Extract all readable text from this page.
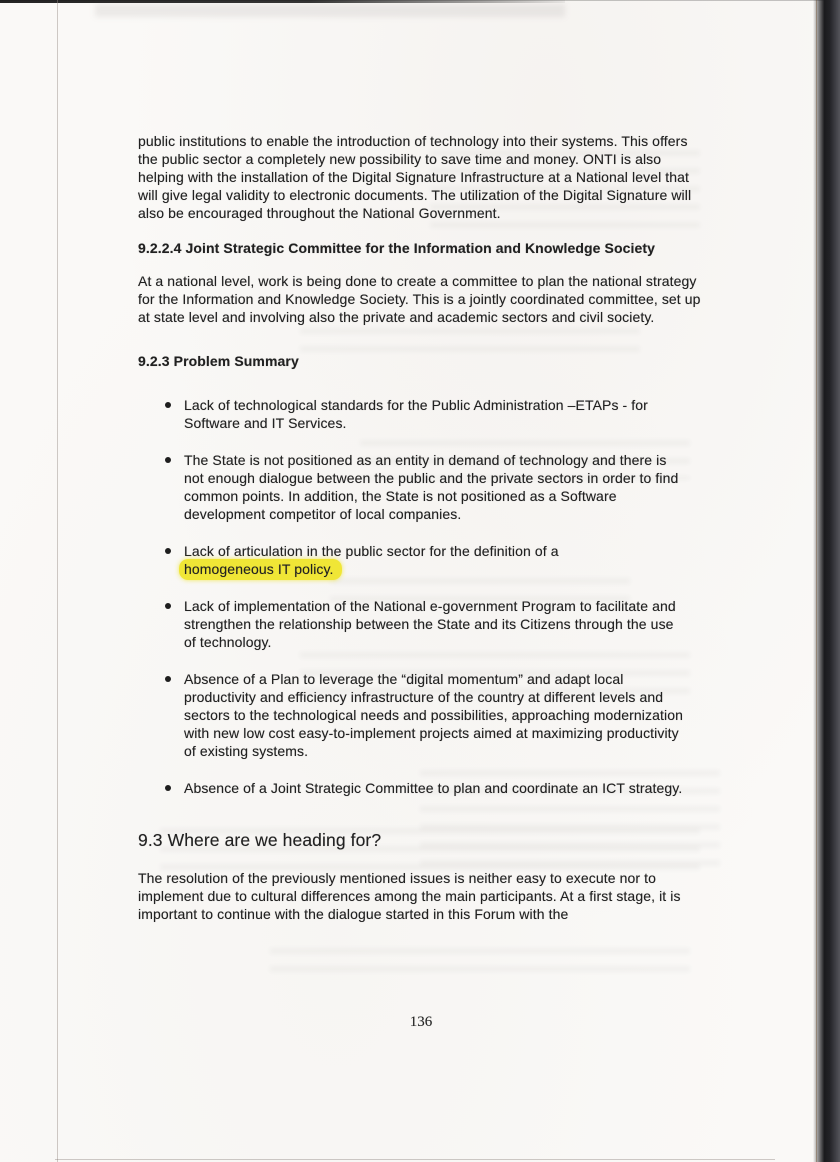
public institutions to enable the introduction of technology into their systems. This offers the public sector a completely new possibility to save time and money. ONTI is also helping with the installation of the Digital Signature Infrastructure at a National level that will give legal validity to electronic documents. The utilization of the Digital Signature will also be encouraged throughout the National Government.

9.2.2.4 Joint Strategic Committee for the Information and Knowledge Society

At a national level, work is being done to create a committee to plan the national strategy for the Information and Knowledge Society. This is a jointly coordinated committee, set up at state level and involving also the private and academic sectors and civil society.

9.2.3 Problem Summary
Lack of technological standards for the Public Administration –ETAPs - for Software and IT Services.
The State is not positioned as an entity in demand of technology and there is not enough dialogue between the public and the private sectors in order to find common points. In addition, the State is not positioned as a Software development competitor of local companies.
Lack of articulation in the public sector for the definition of a
homogeneous IT policy.
Lack of implementation of the National e-government Program to facilitate and strengthen the relationship between the State and its Citizens through the use of technology.
Absence of a Plan to leverage the “digital momentum” and adapt local productivity and efficiency infrastructure of the country at different levels and sectors to the technological needs and possibilities, approaching modernization with new low cost easy-to-implement projects aimed at maximizing productivity of existing systems.
Absence of a Joint Strategic Committee to plan and coordinate an ICT strategy.
9.3 Where are we heading for?

The resolution of the previously mentioned issues is neither easy to execute nor to implement due to cultural differences among the main participants. At a first stage, it is important to continue with the dialogue started in this Forum with the

136
